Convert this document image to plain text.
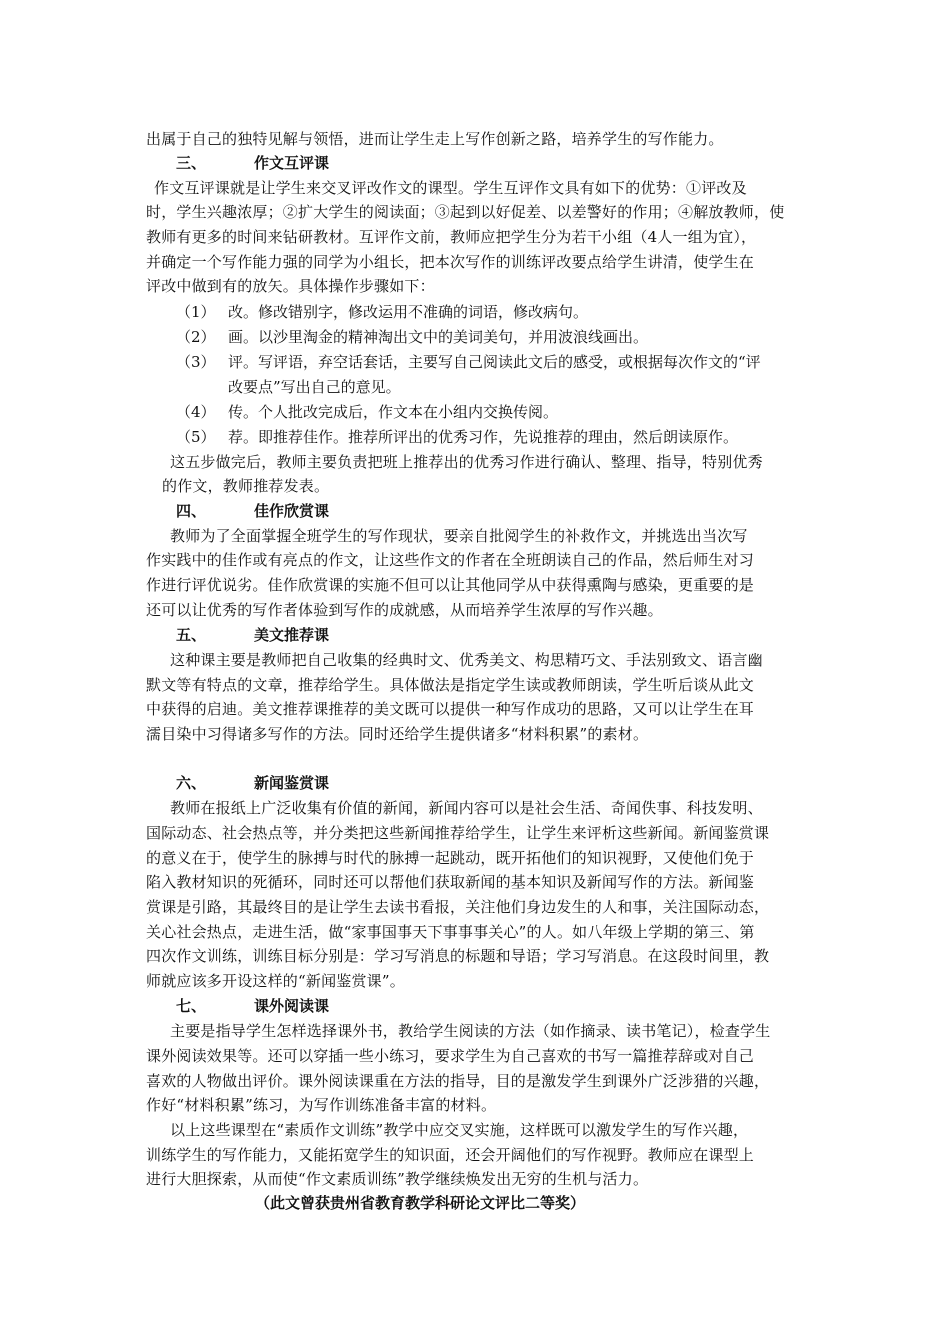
出属于自己的独特见解与领悟，进而让学生走上写作创新之路，培养学生的写作能力。
三、	作文互评课
作文互评课就是让学生来交叉评改作文的课型。学生互评作文具有如下的优势：①评改及
时，学生兴趣浓厚；②扩大学生的阅读面；③起到以好促差、以差警好的作用；④解放教师，使
教师有更多的时间来钻研教材。互评作文前，教师应把学生分为若干小组（4人一组为宜），
并确定一个写作能力强的同学为小组长，把本次写作的训练评改要点给学生讲清，使学生在
评改中做到有的放矢。具体操作步骤如下：
（1） 改。修改错别字，修改运用不准确的词语，修改病句。
（2） 画。以沙里淘金的精神淘出文中的美词美句，并用波浪线画出。
（3） 评。写评语，弃空话套话，主要写自己阅读此文后的感受，或根据每次作文的“评
改要点”写出自己的意见。
（4） 传。个人批改完成后，作文本在小组内交换传阅。
（5） 荐。即推荐佳作。推荐所评出的优秀习作，先说推荐的理由，然后朗读原作。
这五步做完后，教师主要负责把班上推荐出的优秀习作进行确认、整理、指导，特别优秀
的作文，教师推荐发表。
四、	佳作欣赏课
教师为了全面掌握全班学生的写作现状，要亲自批阅学生的补救作文，并挑选出当次写
作实践中的佳作或有亮点的作文，让这些作文的作者在全班朗读自己的作品，然后师生对习
作进行评优说劣。佳作欣赏课的实施不但可以让其他同学从中获得熏陶与感染，更重要的是
还可以让优秀的写作者体验到写作的成就感，从而培养学生浓厚的写作兴趣。
五、	美文推荐课
这种课主要是教师把自己收集的经典时文、优秀美文、构思精巧文、手法别致文、语言幽
默文等有特点的文章，推荐给学生。具体做法是指定学生读或教师朗读，学生听后谈从此文
中获得的启迪。美文推荐课推荐的美文既可以提供一种写作成功的思路，又可以让学生在耳
濡目染中习得诸多写作的方法。同时还给学生提供诸多“材料积累”的素材。
六、	新闻鉴赏课
教师在报纸上广泛收集有价值的新闻，新闻内容可以是社会生活、奇闻佚事、科技发明、
国际动态、社会热点等，并分类把这些新闻推荐给学生，让学生来评析这些新闻。新闻鉴赏课
的意义在于，使学生的脉搏与时代的脉搏一起跳动，既开拓他们的知识视野，又使他们免于
陷入教材知识的死循环，同时还可以帮他们获取新闻的基本知识及新闻写作的方法。新闻鉴
赏课是引路，其最终目的是让学生去读书看报，关注他们身边发生的人和事，关注国际动态，
关心社会热点，走进生活，做“家事国事天下事事事关心”的人。如八年级上学期的第三、第
四次作文训练，训练目标分别是：学习写消息的标题和导语；学习写消息。在这段时间里，教
师就应该多开设这样的“新闻鉴赏课”。
七、	课外阅读课
主要是指导学生怎样选择课外书，教给学生阅读的方法（如作摘录、读书笔记），检查学生
课外阅读效果等。还可以穿插一些小练习，要求学生为自己喜欢的书写一篇推荐辞或对自己
喜欢的人物做出评价。课外阅读课重在方法的指导，目的是激发学生到课外广泛涉猎的兴趣，
作好“材料积累”练习，为写作训练准备丰富的材料。
以上这些课型在“素质作文训练”教学中应交叉实施，这样既可以激发学生的写作兴趣，
训练学生的写作能力，又能拓宽学生的知识面，还会开阔他们的写作视野。教师应在课型上
进行大胆探索，从而使“作文素质训练”教学继续焕发出无穷的生机与活力。
（此文曾获贵州省教育教学科研论文评比二等奖）
